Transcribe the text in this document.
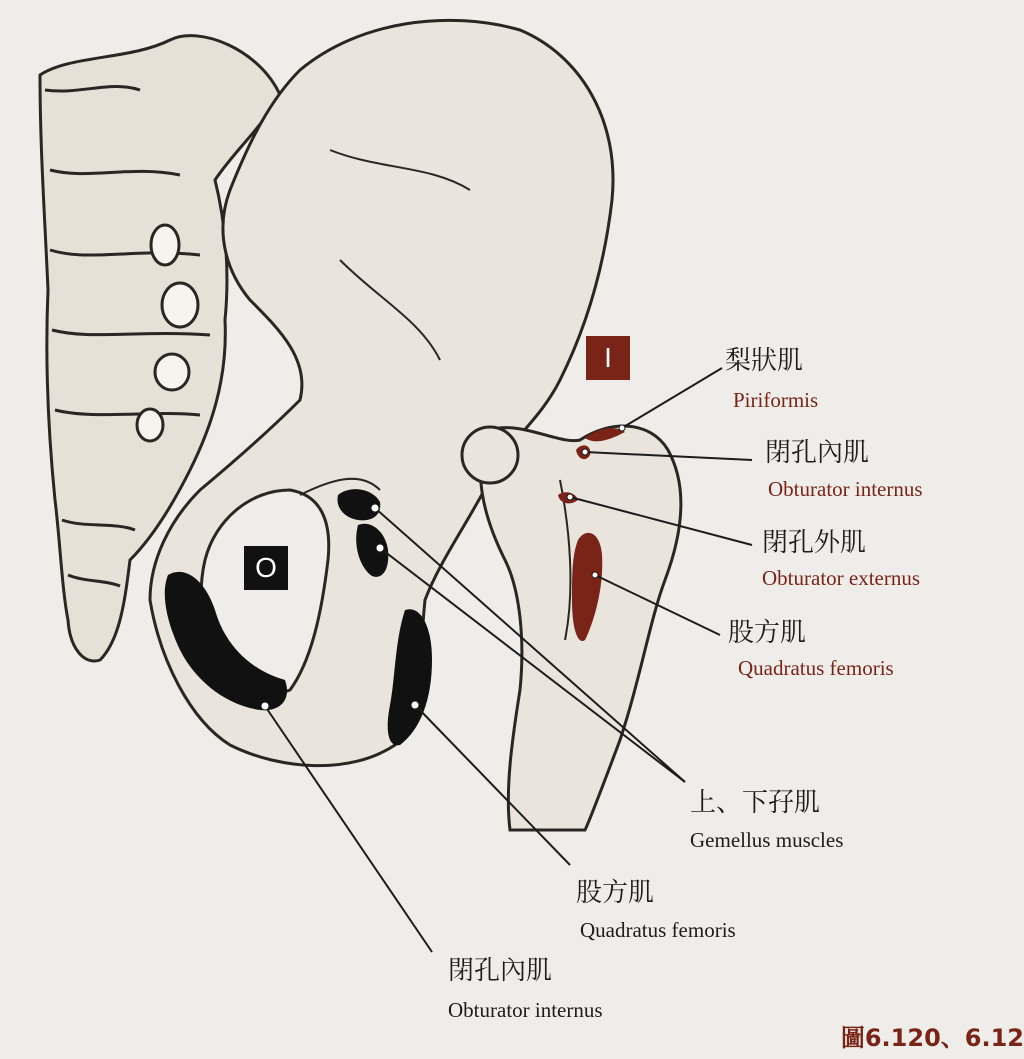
I
O
梨狀肌
Piriformis
閉孔內肌
Obturator internus
閉孔外肌
Obturator externus
股方肌
Quadratus femoris
上、下孖肌
Gemellus muscles
股方肌
Quadratus femoris
閉孔內肌
Obturator internus
圖6.120、6.12
